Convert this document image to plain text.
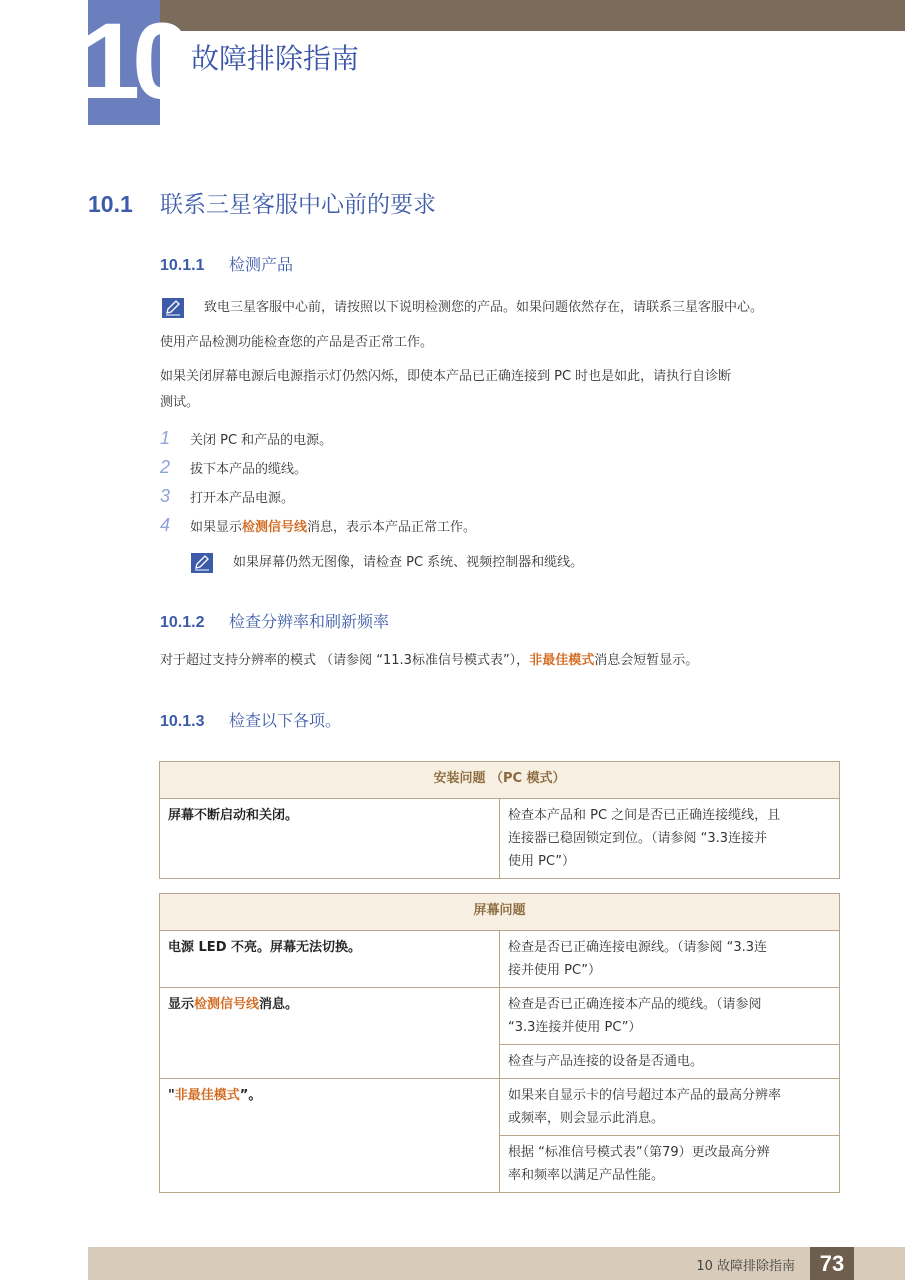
10 故障排除指南
10.1 联系三星客服中心前的要求
10.1.1 检测产品
致电三星客服中心前，请按照以下说明检测您的产品。如果问题依然存在，请联系三星客服中心。
使用产品检测功能检查您的产品是否正常工作。
如果关闭屏幕电源后电源指示灯仍然闪烁，即使本产品已正确连接到 PC 时也是如此，请执行自诊断
测试。
1 关闭 PC 和产品的电源。
2 拔下本产品的缆线。
3 打开本产品电源。
4 如果显示检测信号线消息，表示本产品正常工作。
如果屏幕仍然无图像，请检查 PC 系统、视频控制器和缆线。
10.1.2 检查分辨率和刷新频率
对于超过支持分辨率的模式 （请参阅 “11.3标准信号模式表”），非最佳模式消息会短暂显示。
10.1.3 检查以下各项。
安装问题 （PC 模式）
屏幕不断启动和关闭。	检查本产品和 PC 之间是否已正确连接缆线，且
连接器已稳固锁定到位。（请参阅 “3.3连接并
使用 PC”）
屏幕问题	
电源 LED 不亮。屏幕无法切换。	检查是否已正确连接电源线。（请参阅 “3.3连
接并使用 PC”）

显示检测信号线消息。	检查是否已正确连接本产品的缆线。（请参阅
“3.3连接并使用 PC”）

	检查与产品连接的设备是否通电。
"非最佳模式”。	如果来自显示卡的信号超过本产品的最高分辨率
或频率，则会显示此消息。

	根据 “标准信号模式表”（第79）更改最高分辨
率和频率以满足产品性能。
10 故障排除指南	73
